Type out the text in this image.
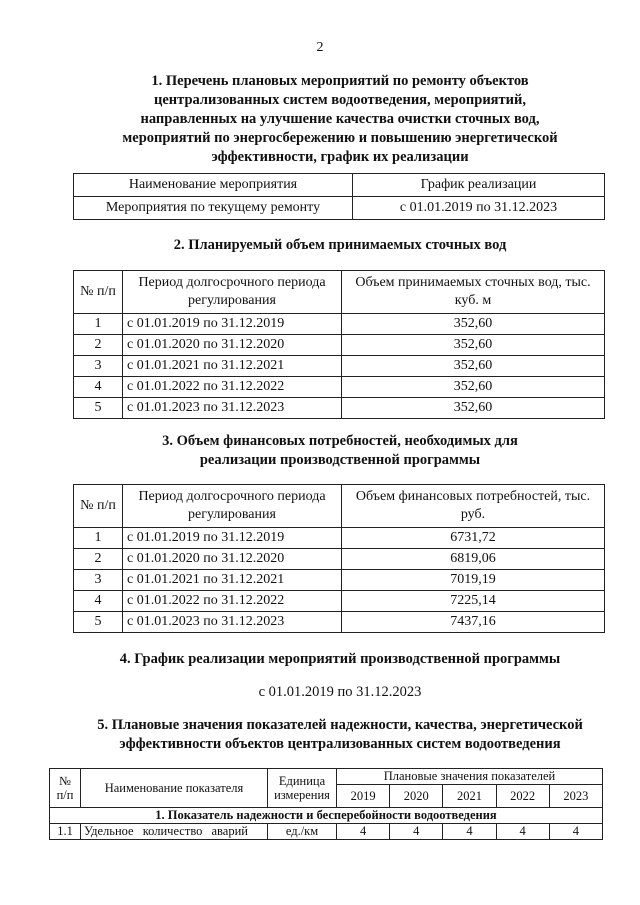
2
1. Перечень плановых мероприятий по ремонту объектов
централизованных систем водоотведения, мероприятий,
направленных на улучшение качества очистки сточных вод,
мероприятий по энергосбережению и повышению энергетической
эффективности, график их реализации
Наименование мероприятия	График реализации
Мероприятия по текущему ремонту	с 01.01.2019 по 31.12.2023
2. Планируемый объем принимаемых сточных вод
№ п/п	Период долгосрочного периода регулирования	Объем принимаемых сточных вод, тыс. куб. м
1	с 01.01.2019 по 31.12.2019	352,60
2	с 01.01.2020 по 31.12.2020	352,60
3	с 01.01.2021 по 31.12.2021	352,60
4	с 01.01.2022 по 31.12.2022	352,60
5	с 01.01.2023 по 31.12.2023	352,60
3. Объем финансовых потребностей, необходимых для
реализации производственной программы
№ п/п	Период долгосрочного периода регулирования	Объем финансовых потребностей, тыс. руб.
1	с 01.01.2019 по 31.12.2019	6731,72
2	с 01.01.2020 по 31.12.2020	6819,06
3	с 01.01.2021 по 31.12.2021	7019,19
4	с 01.01.2022 по 31.12.2022	7225,14
5	с 01.01.2023 по 31.12.2023	7437,16
4. График реализации мероприятий производственной программы
с 01.01.2019 по 31.12.2023
5. Плановые значения показателей надежности, качества, энергетической
эффективности объектов централизованных систем водоотведения
№ п/п	Наименование показателя	Единица измерения	Плановые значения показателей				
			2019	2020	2021	2022	2023
1. Показатель надежности и бесперебойности водоотведения							
1.1	Удельное количество аварий	ед./км	4	4	4	4	4
